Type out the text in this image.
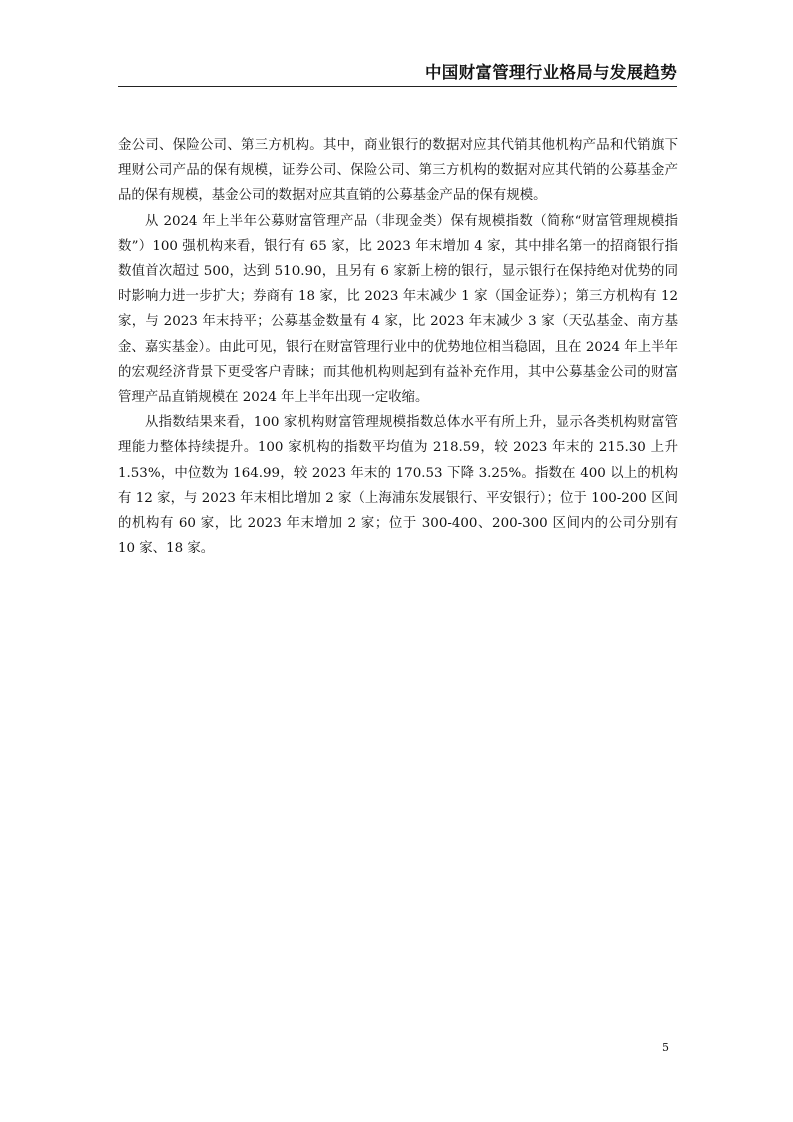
中国财富管理行业格局与发展趋势

金公司、保险公司、第三方机构。其中，商业银行的数据对应其代销其他机构产品和代销旗下理财公司产品的保有规模，证券公司、保险公司、第三方机构的数据对应其代销的公募基金产品的保有规模，基金公司的数据对应其直销的公募基金产品的保有规模。

从 2024 年上半年公募财富管理产品（非现金类）保有规模指数（简称“财富管理规模指数”）100 强机构来看，银行有 65 家，比 2023 年末增加 4 家，其中排名第一的招商银行指数值首次超过 500，达到 510.90，且另有 6 家新上榜的银行，显示银行在保持绝对优势的同时影响力进一步扩大；券商有 18 家，比 2023 年末减少 1 家（国金证券）；第三方机构有 12 家，与 2023 年末持平；公募基金数量有 4 家，比 2023 年末减少 3 家（天弘基金、南方基金、嘉实基金）。由此可见，银行在财富管理行业中的优势地位相当稳固，且在 2024 年上半年的宏观经济背景下更受客户青睐；而其他机构则起到有益补充作用，其中公募基金公司的财富管理产品直销规模在 2024 年上半年出现一定收缩。

从指数结果来看，100 家机构财富管理规模指数总体水平有所上升，显示各类机构财富管理能力整体持续提升。100 家机构的指数平均值为 218.59，较 2023 年末的 215.30 上升 1.53%，中位数为 164.99，较 2023 年末的 170.53 下降 3.25%。指数在 400 以上的机构有 12 家，与 2023 年末相比增加 2 家（上海浦东发展银行、平安银行）；位于 100-200 区间的机构有 60 家，比 2023 年末增加 2 家；位于 300-400、200-300 区间内的公司分别有 10 家、18 家。

5
